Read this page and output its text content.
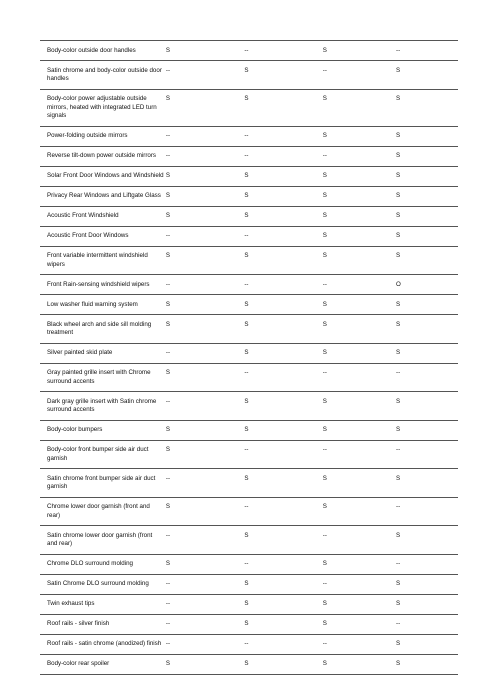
Body-color outside door handles	S	--	S	--
Satin chrome and body-color outside door handles	--	S	--	S
Body-color power adjustable outside mirrors, heated with integrated LED turn signals	S	S	S	S
Power-folding outside mirrors	--	--	S	S
Reverse tilt-down power outside mirrors	--	--	--	S
Solar Front Door Windows and Windshield	S	S	S	S
Privacy Rear Windows and Liftgate Glass	S	S	S	S
Acoustic Front Windshield	S	S	S	S
Acoustic Front Door Windows	--	--	S	S
Front variable intermittent windshield wipers	S	S	S	S
Front Rain-sensing windshield wipers	--	--	--	O
Low washer fluid warning system	S	S	S	S
Black wheel arch and side sill molding treatment	S	S	S	S
Silver painted skid plate	--	S	S	S
Gray painted grille insert with Chrome surround accents	S	--	--	--
Dark gray grille insert with Satin chrome surround accents	--	S	S	S
Body-color bumpers	S	S	S	S
Body-color front bumper side air duct garnish	S	--	--	--
Satin chrome front bumper side air duct garnish	--	S	S	S
Chrome lower door garnish (front and rear)	S	--	S	--
Satin chrome lower door garnish (front and rear)	--	S	--	S
Chrome DLO surround molding	S	--	S	--
Satin Chrome DLO surround molding	--	S	--	S
Twin exhaust tips	--	S	S	S
Roof rails - silver finish	--	S	S	--
Roof rails - satin chrome (anodized) finish	--	--	--	S
Body-color rear spoiler	S	S	S	S
